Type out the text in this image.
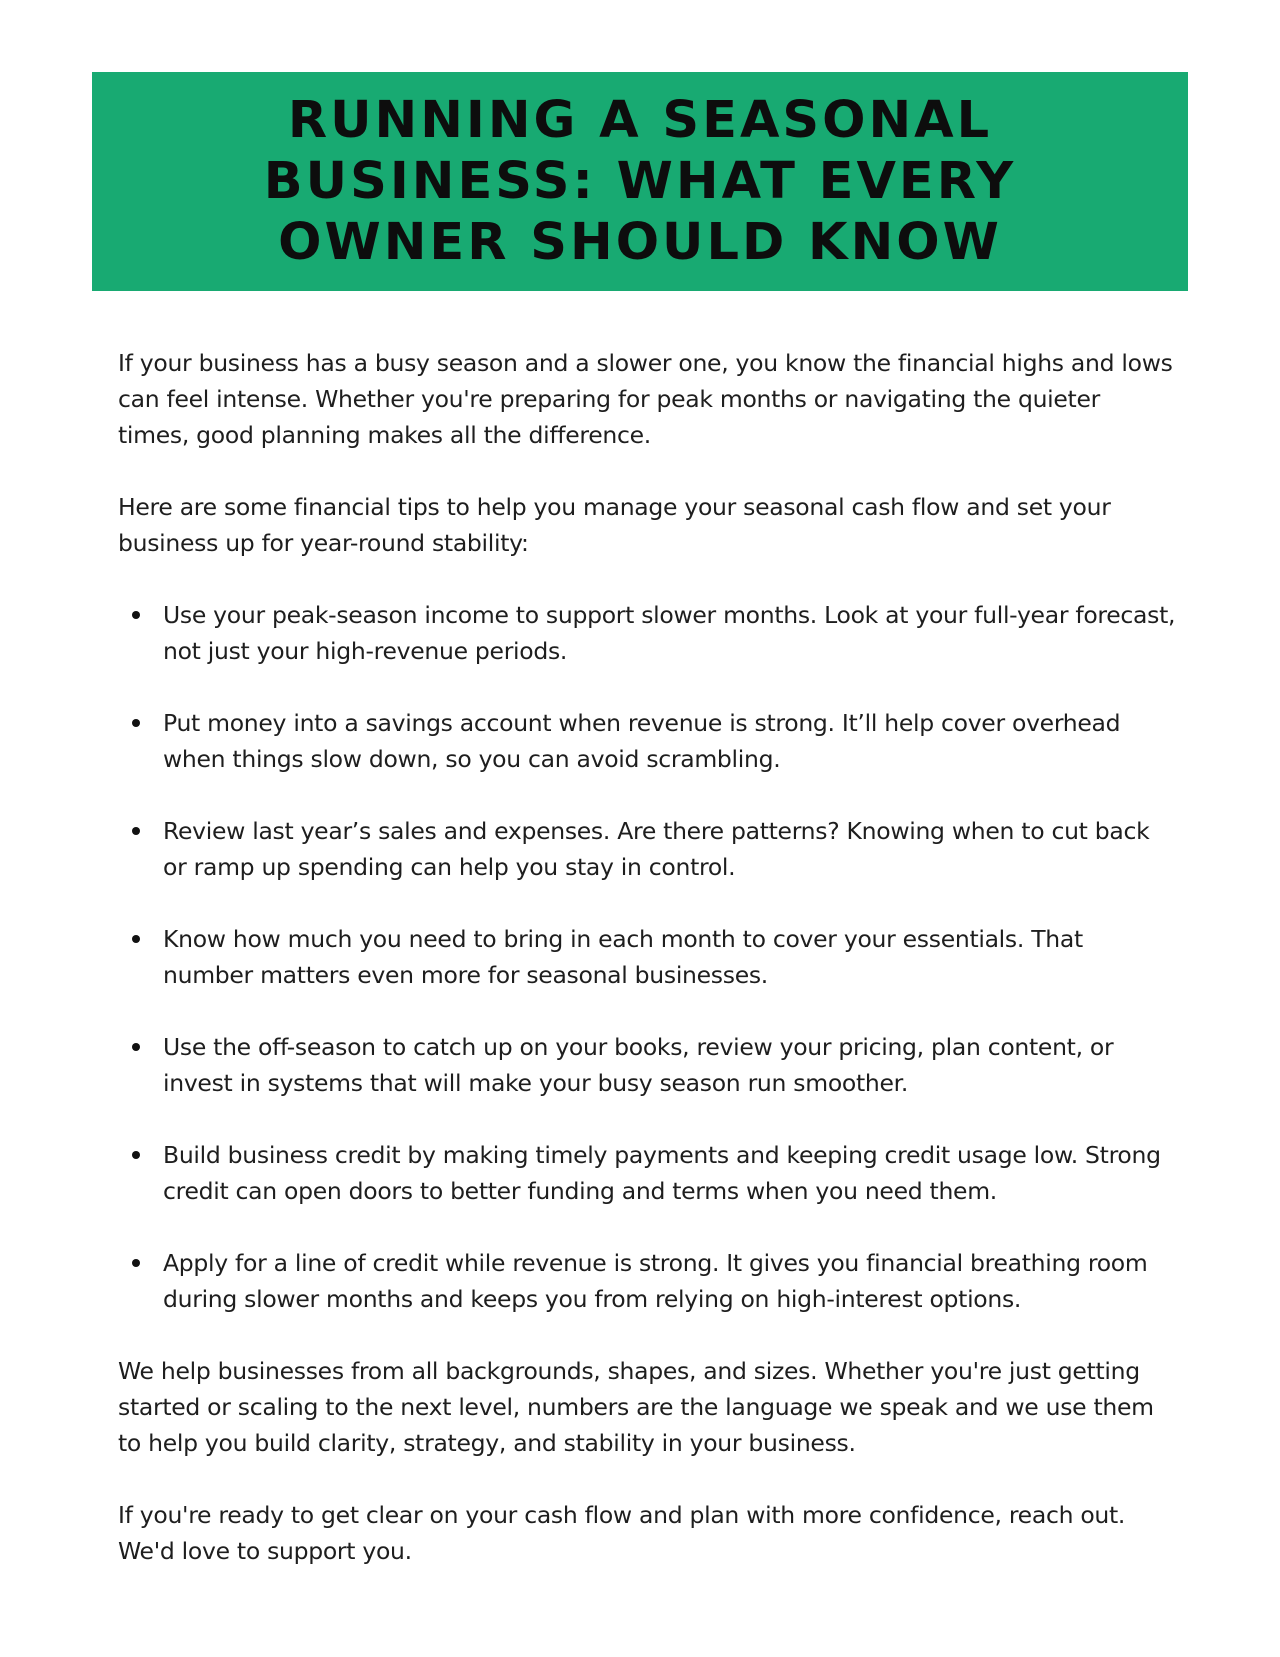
RUNNING A SEASONAL BUSINESS: WHAT EVERY OWNER SHOULD KNOW

If your business has a busy season and a slower one, you know the financial highs and lows can feel intense. Whether you're preparing for peak months or navigating the quieter times, good planning makes all the difference.

Here are some financial tips to help you manage your seasonal cash flow and set your business up for year-round stability:

Use your peak-season income to support slower months. Look at your full-year forecast, not just your high-revenue periods.
Put money into a savings account when revenue is strong. It’ll help cover overhead when things slow down, so you can avoid scrambling.
Review last year’s sales and expenses. Are there patterns? Knowing when to cut back or ramp up spending can help you stay in control.
Know how much you need to bring in each month to cover your essentials. That number matters even more for seasonal businesses.
Use the off-season to catch up on your books, review your pricing, plan content, or invest in systems that will make your busy season run smoother.
Build business credit by making timely payments and keeping credit usage low. Strong credit can open doors to better funding and terms when you need them.
Apply for a line of credit while revenue is strong. It gives you financial breathing room during slower months and keeps you from relying on high-interest options.

We help businesses from all backgrounds, shapes, and sizes. Whether you're just getting started or scaling to the next level, numbers are the language we speak and we use them to help you build clarity, strategy, and stability in your business.

If you're ready to get clear on your cash flow and plan with more confidence, reach out. We'd love to support you.
